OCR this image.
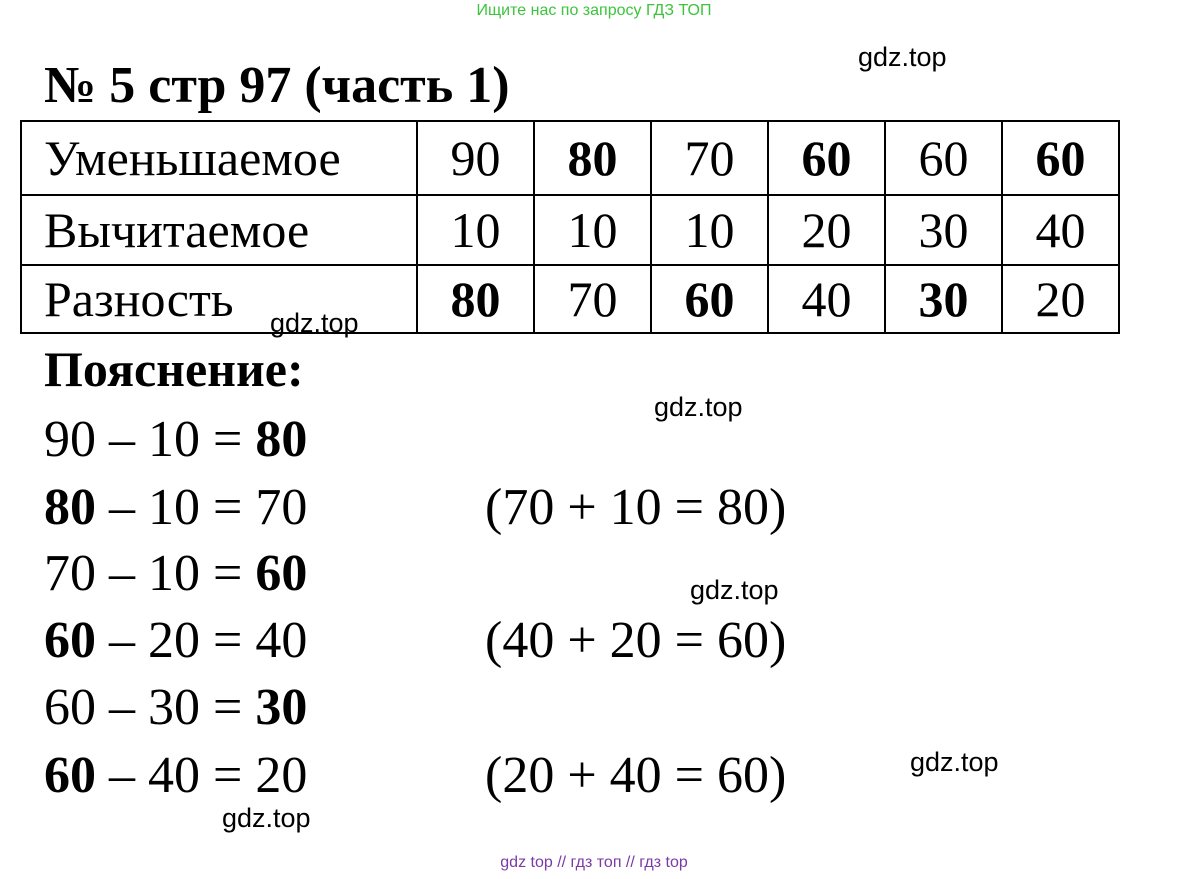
Ищите нас по запросу ГДЗ ТОП
№ 5 стр 97 (часть 1)
Уменьшаемое	90	80	70	60	60	60
Вычитаемое	10	10	10	20	30	40
Разность	80	70	60	40	30	20
Пояснение:
90 – 10 = 80
80 – 10 = 70
70 – 10 = 60
60 – 20 = 40
60 – 30 = 30
60 – 40 = 20
(70 + 10 = 80)
(40 + 20 = 60)
(20 + 40 = 60)
gdz.top
gdz.top
gdz.top
gdz.top
gdz.top
gdz.top
gdz top // гдз топ // гдз top
